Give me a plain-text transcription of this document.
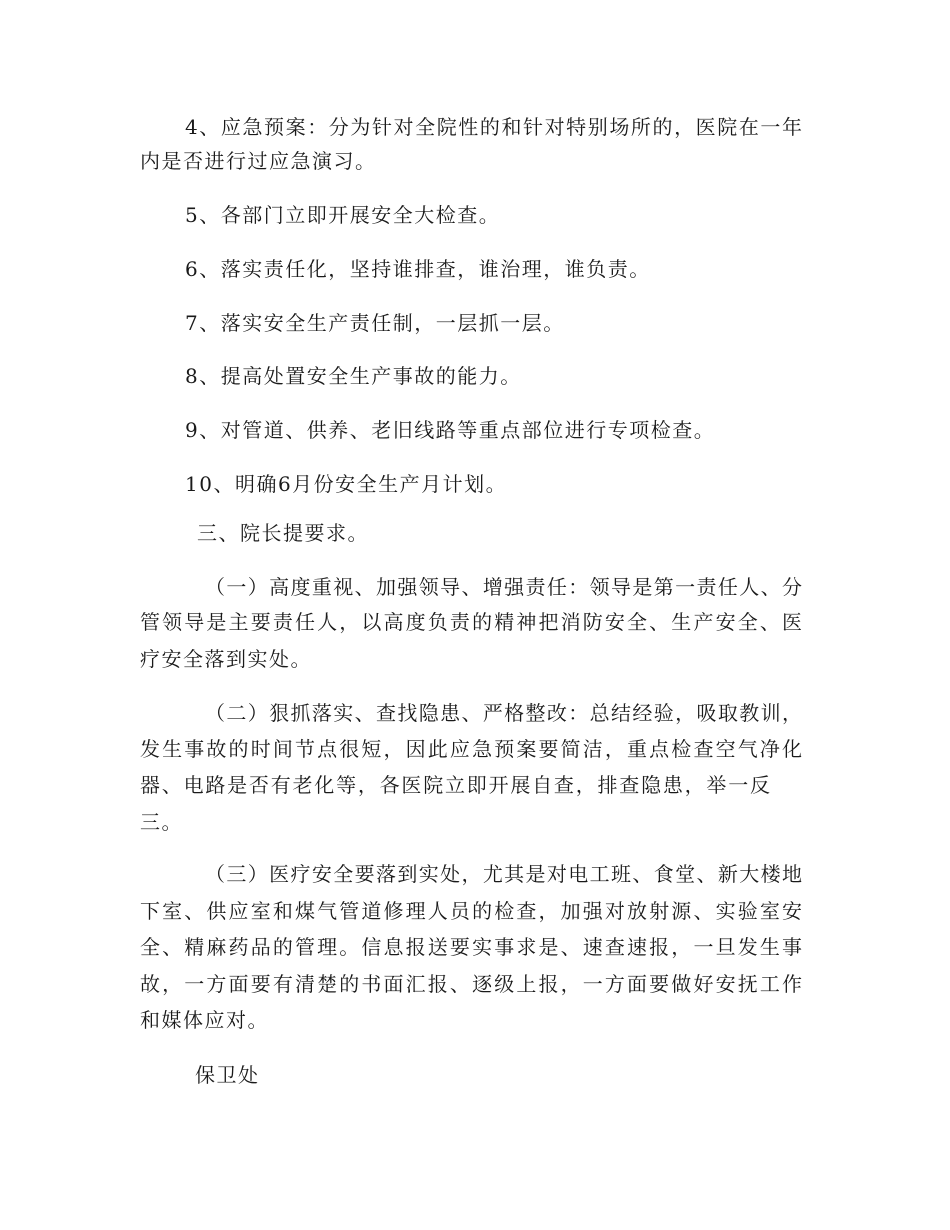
4、应急预案：分为针对全院性的和针对特别场所的，医院在一年
内是否进行过应急演习。
5、各部门立即开展安全大检查。
6、落实责任化，坚持谁排查，谁治理，谁负责。
7、落实安全生产责任制，一层抓一层。
8、提高处置安全生产事故的能力。
9、对管道、供养、老旧线路等重点部位进行专项检查。
10、明确6月份安全生产月计划。
三、院长提要求。
（一）高度重视、加强领导、增强责任：领导是第一责任人、分
管领导是主要责任人，以高度负责的精神把消防安全、生产安全、医
疗安全落到实处。
（二）狠抓落实、查找隐患、严格整改：总结经验，吸取教训，
发生事故的时间节点很短，因此应急预案要简洁，重点检查空气净化
器、电路是否有老化等，各医院立即开展自查，排查隐患，举一反
三。
（三）医疗安全要落到实处，尤其是对电工班、食堂、新大楼地
下室、供应室和煤气管道修理人员的检查，加强对放射源、实验室安
全、精麻药品的管理。信息报送要实事求是、速查速报，一旦发生事
故，一方面要有清楚的书面汇报、逐级上报，一方面要做好安抚工作
和媒体应对。
保卫处
